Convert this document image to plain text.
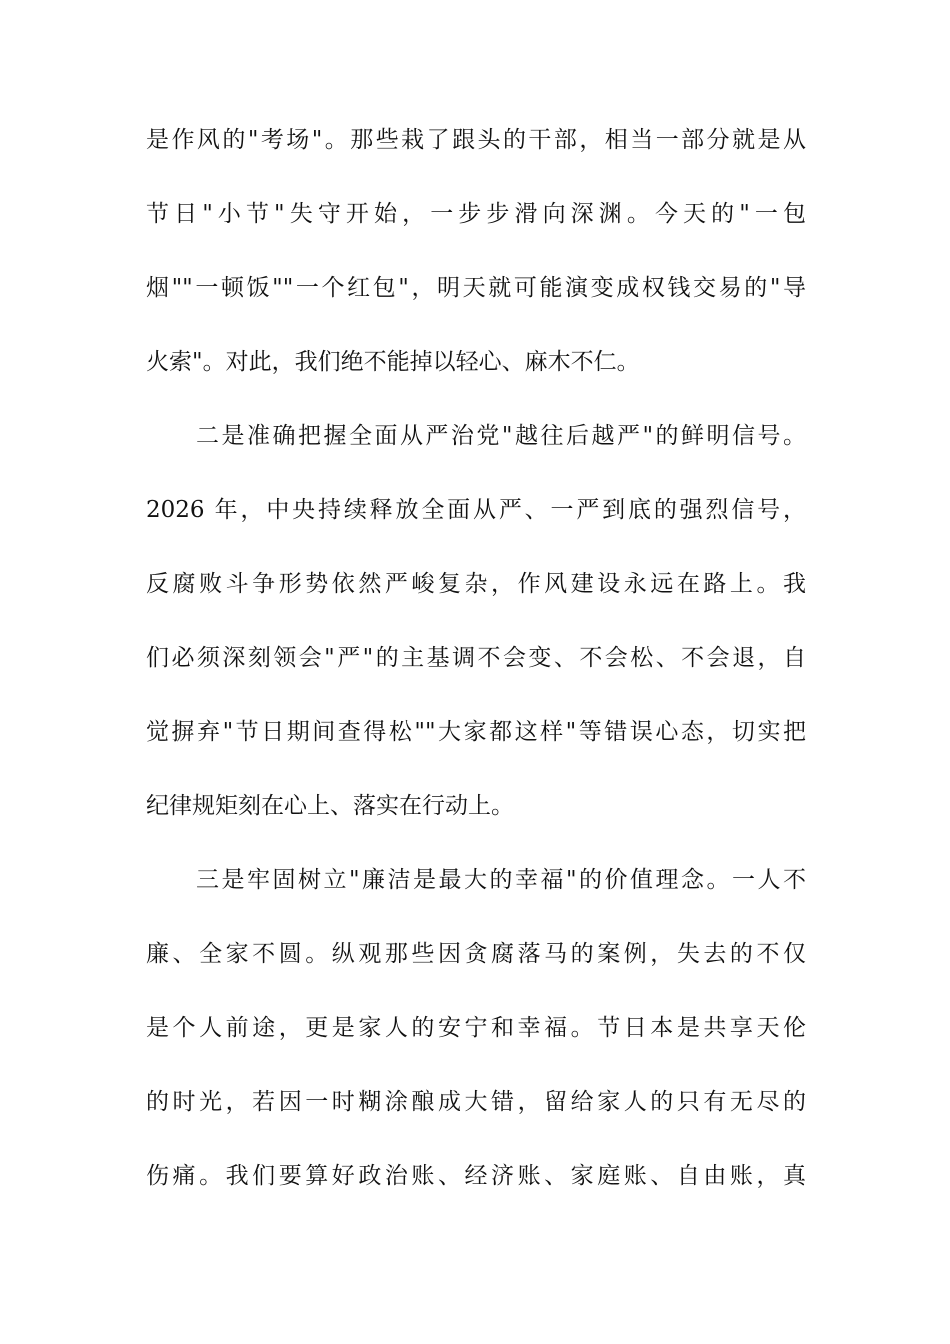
是作风的"考场"。那些栽了跟头的干部，相当一部分就是从
节日"小节"失守开始，一步步滑向深渊。今天的"一包
烟""一顿饭""一个红包"，明天就可能演变成权钱交易的"导
火索"。对此，我们绝不能掉以轻心、麻木不仁。
二是准确把握全面从严治党"越往后越严"的鲜明信号。
2026 年，中央持续释放全面从严、一严到底的强烈信号，
反腐败斗争形势依然严峻复杂，作风建设永远在路上。我
们必须深刻领会"严"的主基调不会变、不会松、不会退，自
觉摒弃"节日期间查得松""大家都这样"等错误心态，切实把
纪律规矩刻在心上、落实在行动上。
三是牢固树立"廉洁是最大的幸福"的价值理念。一人不
廉、全家不圆。纵观那些因贪腐落马的案例，失去的不仅
是个人前途，更是家人的安宁和幸福。节日本是共享天伦
的时光，若因一时糊涂酿成大错，留给家人的只有无尽的
伤痛。我们要算好政治账、经济账、家庭账、自由账，真
